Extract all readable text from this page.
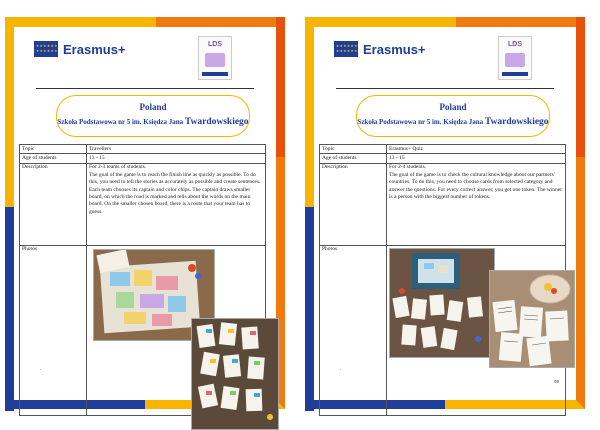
★★★★★★ ★★★★★★
Erasmus+	LDS
Poland
Szkoła Podstawowa nr 5 im. Księdza Jana Twardowskiego
Topic	Travellers
Age of students	13 - 15
Description	For 2-3 teams of students.
The goal of the game is to reach the finish line as quickly as possible. To do this, you need to tell the stories as accurately as possible and create sentences. Each team chooses its captain and color chips. The captain draws smaller board, on which the road is marked and tells about the words on the main board. On the smaller chosen board, there is a route that your team has to guess.
Photos
.

★★★★★★ ★★★★★★
Erasmus+	LDS
Poland
Szkoła Podstawowa nr 5 im. Księdza Jana Twardowskiego
Topic	Erasmus+ Quiz
Age of students	13 - 15
Description	For 2-4 students.
The goal of the game is to check the cultural knowledge about our partners' countries. To do this, you need to choose cards from selected category and answer the questions. For every correct answer, you get one token. The winner is a person with the biggest number of tokens.
Photos
.

99
